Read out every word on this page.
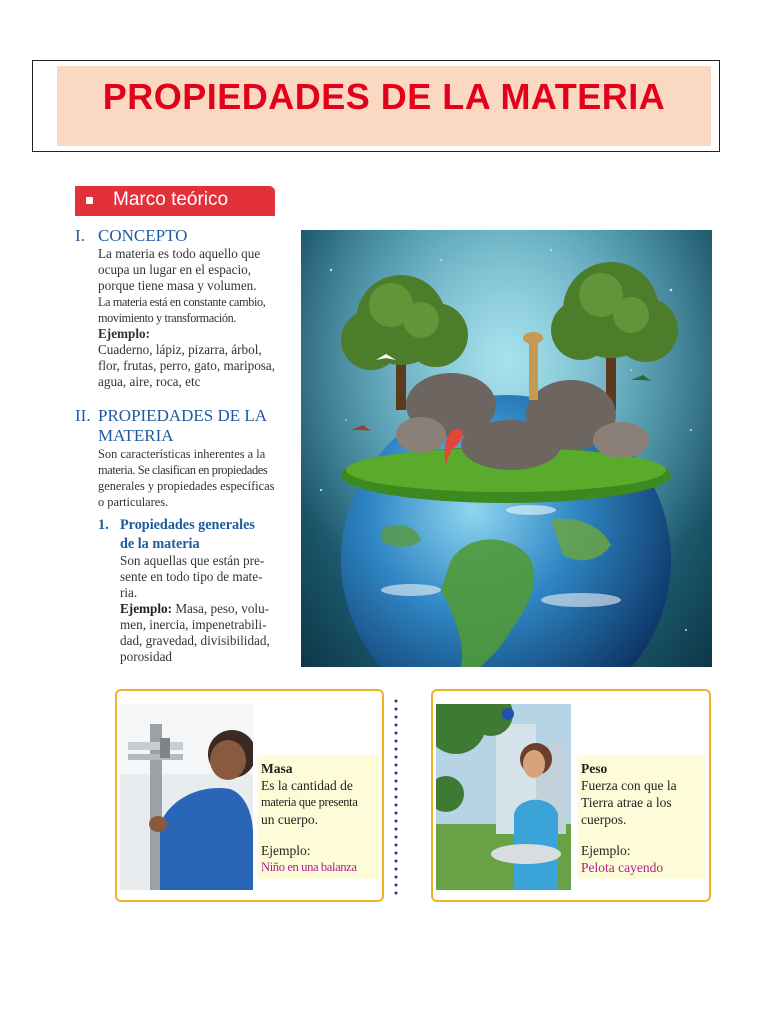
PROPIEDADES DE LA MATERIA
Marco teórico
I. CONCEPTO
La materia es todo aquello que
ocupa un lugar en el espacio,
porque tiene masa y volumen.
La materia está en constante cambio,
movimiento y transformación.
Ejemplo:
Cuaderno, lápiz, pizarra, árbol,
flor, frutas, perro, gato, mariposa,
agua, aire, roca, etc
II. PROPIEDADES DE LA
MATERIA
Son características inherentes a la
materia. Se clasifican en propiedades
generales y propiedades específicas
o particulares.
1. Propiedades generales
de la materia
Son aquellas que están pre-
sente en todo tipo de mate-
ria.
Ejemplo: Masa, peso, volu-
men, inercia, impenetrabili-
dad, gravedad, divisibilidad,
porosidad
Masa
Es la cantidad de
materia que presenta
un cuerpo.
Ejemplo:
Niño en una balanza
Peso
Fuerza con que la
Tierra atrae a los
cuerpos.
Ejemplo:
Pelota cayendo
